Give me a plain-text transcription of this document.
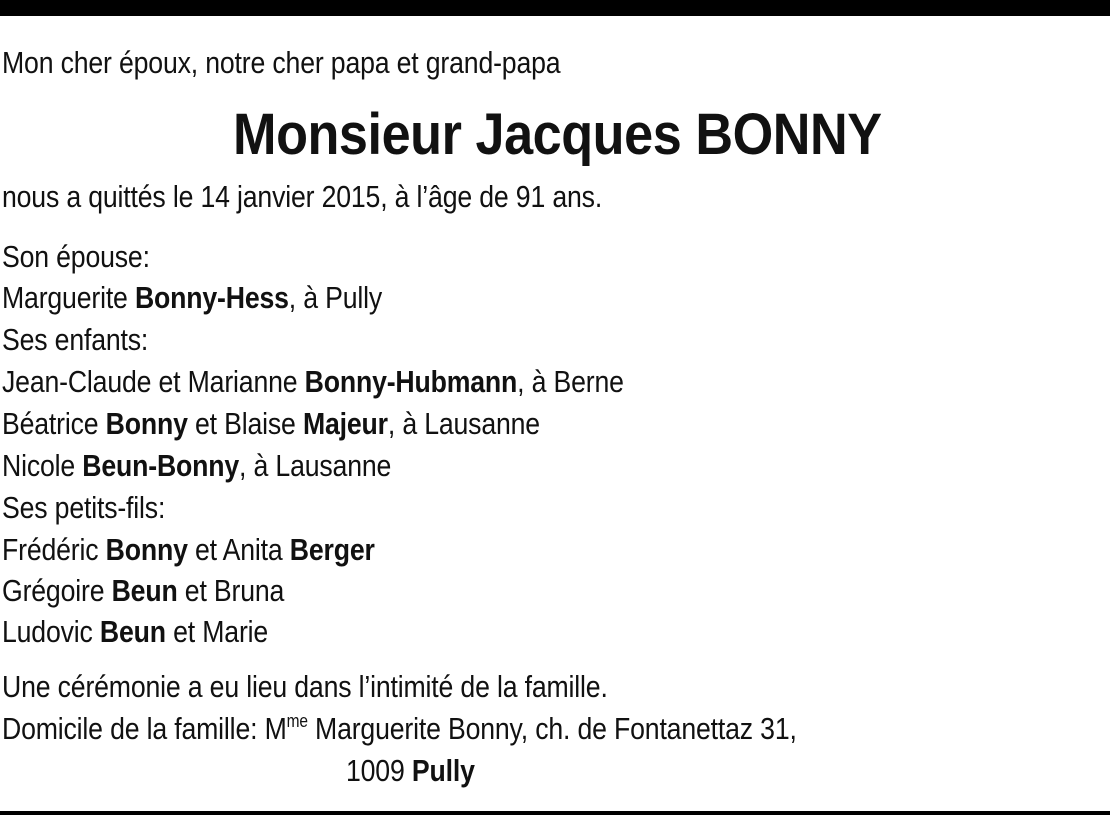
Mon cher époux, notre cher papa et grand-papa
Monsieur Jacques BONNY
nous a quittés le 14 janvier 2015, à l’âge de 91 ans.
Son épouse:
Marguerite Bonny-Hess, à Pully
Ses enfants:
Jean-Claude et Marianne Bonny-Hubmann, à Berne
Béatrice Bonny et Blaise Majeur, à Lausanne
Nicole Beun-Bonny, à Lausanne
Ses petits-fils:
Frédéric Bonny et Anita Berger
Grégoire Beun et Bruna
Ludovic Beun et Marie
Une cérémonie a eu lieu dans l’intimité de la famille.
Domicile de la famille: $M^{me}$ Marguerite Bonny, ch. de Fontanettaz 31,
1009 Pully
